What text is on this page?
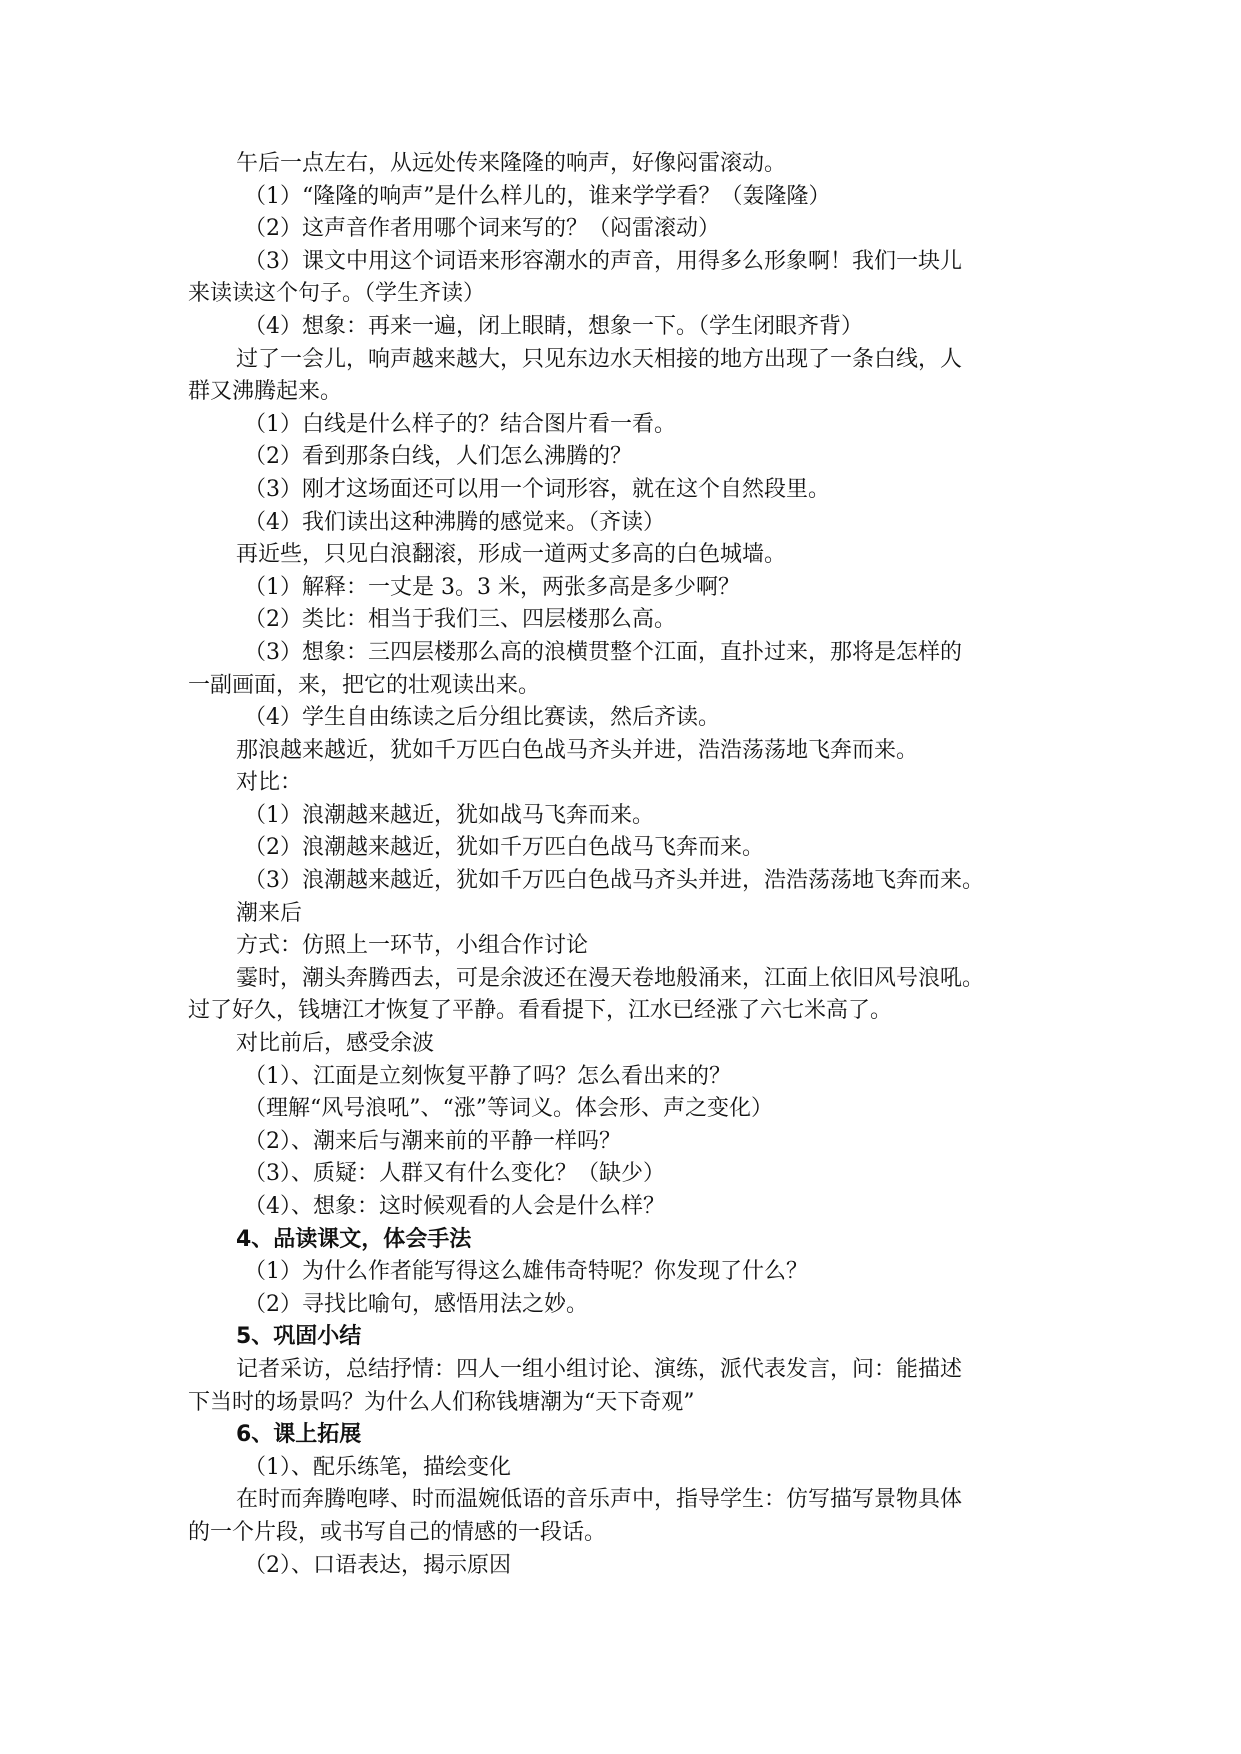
午后一点左右，从远处传来隆隆的响声，好像闷雷滚动。

（1）“隆隆的响声”是什么样儿的，谁来学学看？（轰隆隆）

（2）这声音作者用哪个词来写的？（闷雷滚动）

（3）课文中用这个词语来形容潮水的声音，用得多么形象啊！我们一块儿

来读读这个句子。（学生齐读）

（4）想象：再来一遍，闭上眼睛，想象一下。（学生闭眼齐背）

过了一会儿，响声越来越大，只见东边水天相接的地方出现了一条白线，人

群又沸腾起来。

（1）白线是什么样子的？结合图片看一看。

（2）看到那条白线，人们怎么沸腾的？

（3）刚才这场面还可以用一个词形容，就在这个自然段里。

（4）我们读出这种沸腾的感觉来。（齐读）

再近些，只见白浪翻滚，形成一道两丈多高的白色城墙。

（1）解释：一丈是 3。3 米，两张多高是多少啊？

（2）类比：相当于我们三、四层楼那么高。

（3）想象：三四层楼那么高的浪横贯整个江面，直扑过来，那将是怎样的

一副画面，来，把它的壮观读出来。

（4）学生自由练读之后分组比赛读，然后齐读。

那浪越来越近，犹如千万匹白色战马齐头并进，浩浩荡荡地飞奔而来。

对比：

（1）浪潮越来越近，犹如战马飞奔而来。

（2）浪潮越来越近，犹如千万匹白色战马飞奔而来。

（3）浪潮越来越近，犹如千万匹白色战马齐头并进，浩浩荡荡地飞奔而来。

潮来后

方式：仿照上一环节，小组合作讨论

霎时，潮头奔腾西去，可是余波还在漫天卷地般涌来，江面上依旧风号浪吼。

过了好久，钱塘江才恢复了平静。看看提下，江水已经涨了六七米高了。

对比前后，感受余波

（1）、江面是立刻恢复平静了吗？怎么看出来的？

（理解“风号浪吼”、“涨”等词义。体会形、声之变化）

（2）、潮来后与潮来前的平静一样吗？

（3）、质疑：人群又有什么变化？（缺少）

（4）、想象：这时候观看的人会是什么样？

4、品读课文，体会手法

（1）为什么作者能写得这么雄伟奇特呢？你发现了什么？

（2）寻找比喻句，感悟用法之妙。

5、巩固小结

记者采访，总结抒情：四人一组小组讨论、演练，派代表发言，问：能描述

下当时的场景吗？为什么人们称钱塘潮为“天下奇观”

6、课上拓展

（1）、配乐练笔，描绘变化

在时而奔腾咆哮、时而温婉低语的音乐声中，指导学生：仿写描写景物具体

的一个片段，或书写自己的情感的一段话。

（2）、口语表达，揭示原因
